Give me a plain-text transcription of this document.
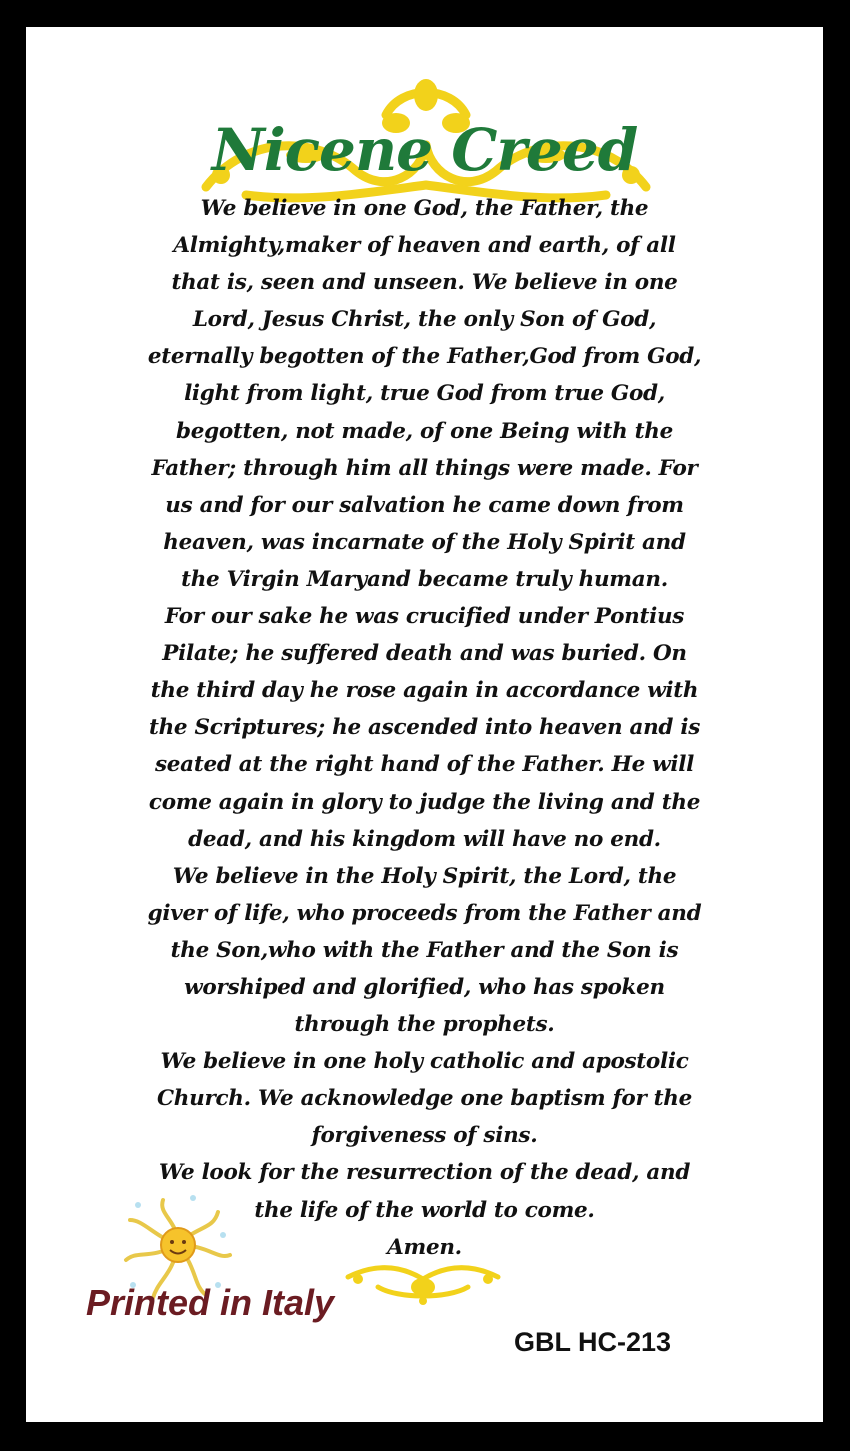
Nicene Creed
We believe in one God, the Father, the
Almighty,maker of heaven and earth, of all
that is, seen and unseen. We believe in one
Lord, Jesus Christ, the only Son of God,
eternally begotten of the Father,God from God,
light from light, true God from true God,
begotten, not made, of one Being with the
Father; through him all things were made. For
us and for our salvation he came down from
heaven, was incarnate of the Holy Spirit and
the Virgin Maryand became truly human.
For our sake he was crucified under Pontius
Pilate; he suffered death and was buried. On
the third day he rose again in accordance with
the Scriptures; he ascended into heaven and is
seated at the right hand of the Father. He will
come again in glory to judge the living and the
dead, and his kingdom will have no end.
We believe in the Holy Spirit, the Lord, the
giver of life, who proceeds from the Father and
the Son,who with the Father and the Son is
worshiped and glorified, who has spoken
through the prophets.
We believe in one holy catholic and apostolic
Church. We acknowledge one baptism for the
forgiveness of sins.
We look for the resurrection of the dead, and
the life of the world to come.
Amen.
Printed in Italy
GBL HC-213
